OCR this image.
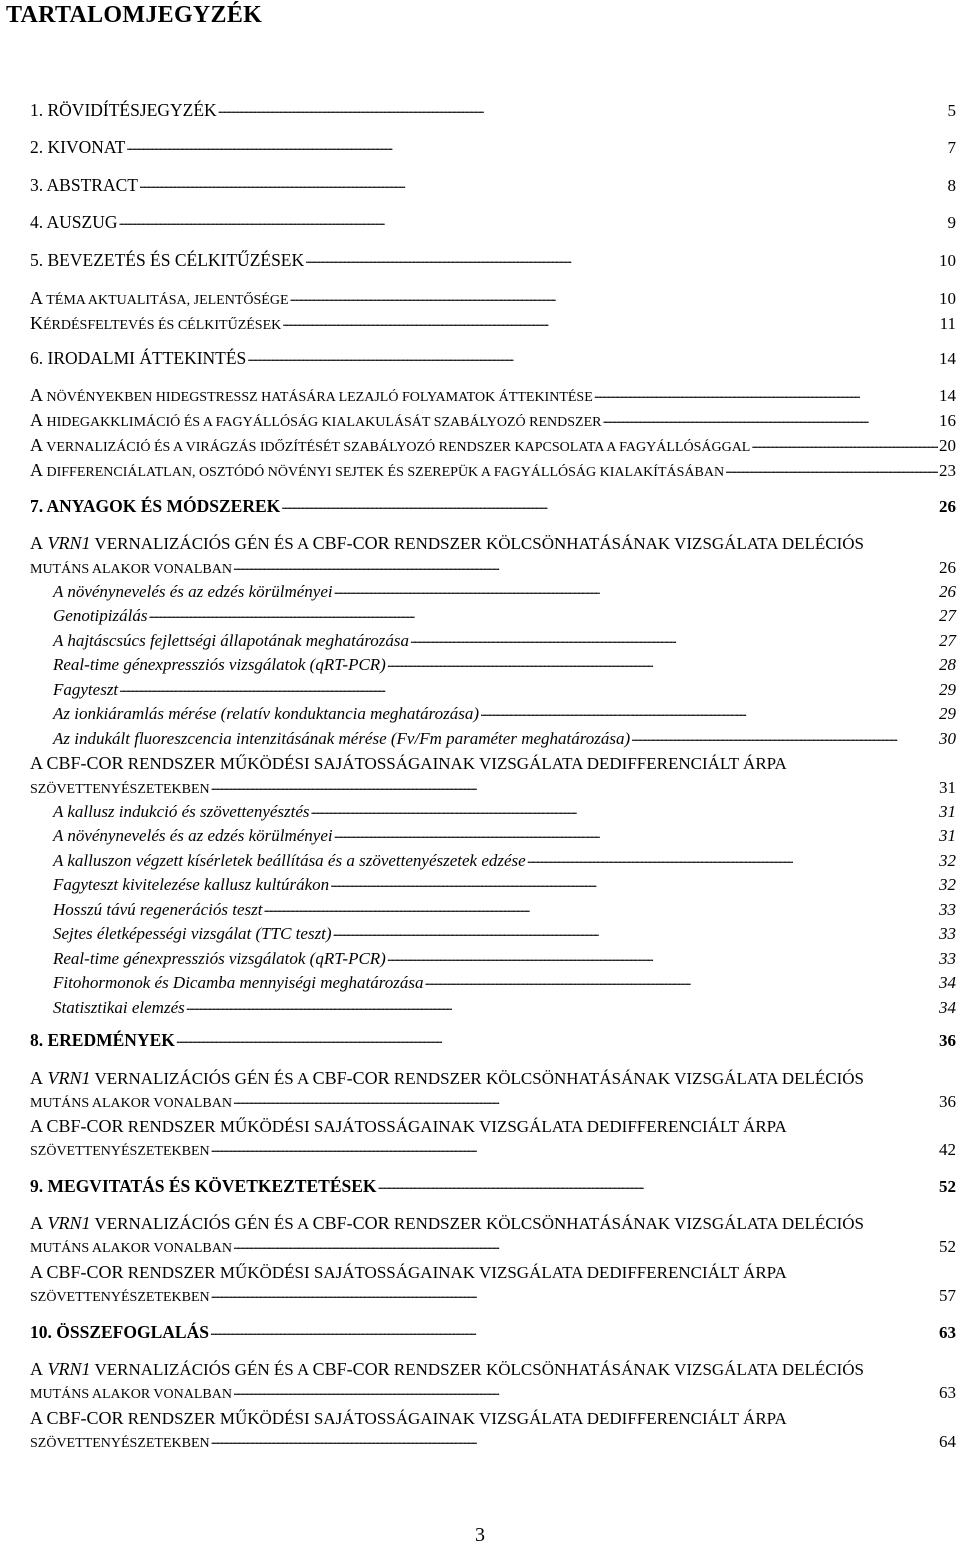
TARTALOMJEGYZÉK
1. RÖVIDÍTÉSJEGYZÉK . . .	5
2. KIVONAT . . .	7
3. ABSTRACT . . .	8
4. AUSZUG . . .	9
5. BEVEZETÉS ÉS CÉLKITŰZÉSEK . . .	10
A TÉMA AKTUALITÁSA, JELENTŐSÉGE . . .	10
KÉRDÉSFELTEVÉS ÉS CÉLKITŰZÉSEK . . .	11
6. IRODALMI ÁTTEKINTÉS . . .	14
A NÖVÉNYEKBEN HIDEGSTRESSZ HATÁSÁRA LEZAJLÓ FOLYAMATOK ÁTTEKINTÉSE . . .	14
A HIDEGAKKLIMÁCIÓ ÉS A FAGYÁLLÓSÁG KIALAKULÁSÁT SZABÁLYOZÓ RENDSZER . . .	16
A VERNALIZÁCIÓ ÉS A VIRÁGZÁS IDŐZÍTÉSÉT SZABÁLYOZÓ RENDSZER KAPCSOLATA A FAGYÁLLÓSÁGGAL . . .	20
A DIFFERENCIÁLATLAN, OSZTÓDÓ NÖVÉNYI SEJTEK ÉS SZEREPÜK A FAGYÁLLÓSÁG KIALAKÍTÁSÁBAN . . .	23
7. ANYAGOK ÉS MÓDSZEREK . . .	26
A VRN1 VERNALIZÁCIÓS GÉN ÉS A CBF-COR RENDSZER KÖLCSÖNHATÁSÁNAK VIZSGÁLATA DELÉCIÓS
MUTÁNS ALAKOR VONALBAN . . .	26
A növénynevelés és az edzés körülményei . . .	26
Genotipizálás . . .	27
A hajtáscsúcs fejlettségi állapotának meghatározása . . .	27
Real-time génexpressziós vizsgálatok (qRT-PCR) . . .	28
Fagyteszt . . .	29
Az ionkiáramlás mérése (relatív konduktancia meghatározása) . . .	29
Az indukált fluoreszcencia intenzitásának mérése (Fv/Fm paraméter meghatározása) . . .	30
A CBF-COR RENDSZER MŰKÖDÉSI SAJÁTOSSÁGAINAK VIZSGÁLATA DEDIFFERENCIÁLT ÁRPA
SZÖVETTENYÉSZETEKBEN . . .	31
A kallusz indukció és szövettenyésztés . . .	31
A növénynevelés és az edzés körülményei . . .	31
A kalluszon végzett kísérletek beállítása és a szövettenyészetek edzése . . .	32
Fagyteszt kivitelezése kallusz kultúrákon . . .	32
Hosszú távú regenerációs teszt . . .	33
Sejtes életképességi vizsgálat (TTC teszt) . . .	33
Real-time génexpressziós vizsgálatok (qRT-PCR) . . .	33
Fitohormonok és Dicamba mennyiségi meghatározása . . .	34
Statisztikai elemzés . . .	34
8. EREDMÉNYEK . . .	36
A VRN1 VERNALIZÁCIÓS GÉN ÉS A CBF-COR RENDSZER KÖLCSÖNHATÁSÁNAK VIZSGÁLATA DELÉCIÓS
MUTÁNS ALAKOR VONALBAN . . .	36
A CBF-COR RENDSZER MŰKÖDÉSI SAJÁTOSSÁGAINAK VIZSGÁLATA DEDIFFERENCIÁLT ÁRPA
SZÖVETTENYÉSZETEKBEN . . .	42
9. MEGVITATÁS ÉS KÖVETKEZTETÉSEK . . .	52
A VRN1 VERNALIZÁCIÓS GÉN ÉS A CBF-COR RENDSZER KÖLCSÖNHATÁSÁNAK VIZSGÁLATA DELÉCIÓS
MUTÁNS ALAKOR VONALBAN . . .	52
A CBF-COR RENDSZER MŰKÖDÉSI SAJÁTOSSÁGAINAK VIZSGÁLATA DEDIFFERENCIÁLT ÁRPA
SZÖVETTENYÉSZETEKBEN . . .	57
10. ÖSSZEFOGLALÁS . . .	63
A VRN1 VERNALIZÁCIÓS GÉN ÉS A CBF-COR RENDSZER KÖLCSÖNHATÁSÁNAK VIZSGÁLATA DELÉCIÓS
MUTÁNS ALAKOR VONALBAN . . .	63
A CBF-COR RENDSZER MŰKÖDÉSI SAJÁTOSSÁGAINAK VIZSGÁLATA DEDIFFERENCIÁLT ÁRPA
SZÖVETTENYÉSZETEKBEN . . .	64
3
